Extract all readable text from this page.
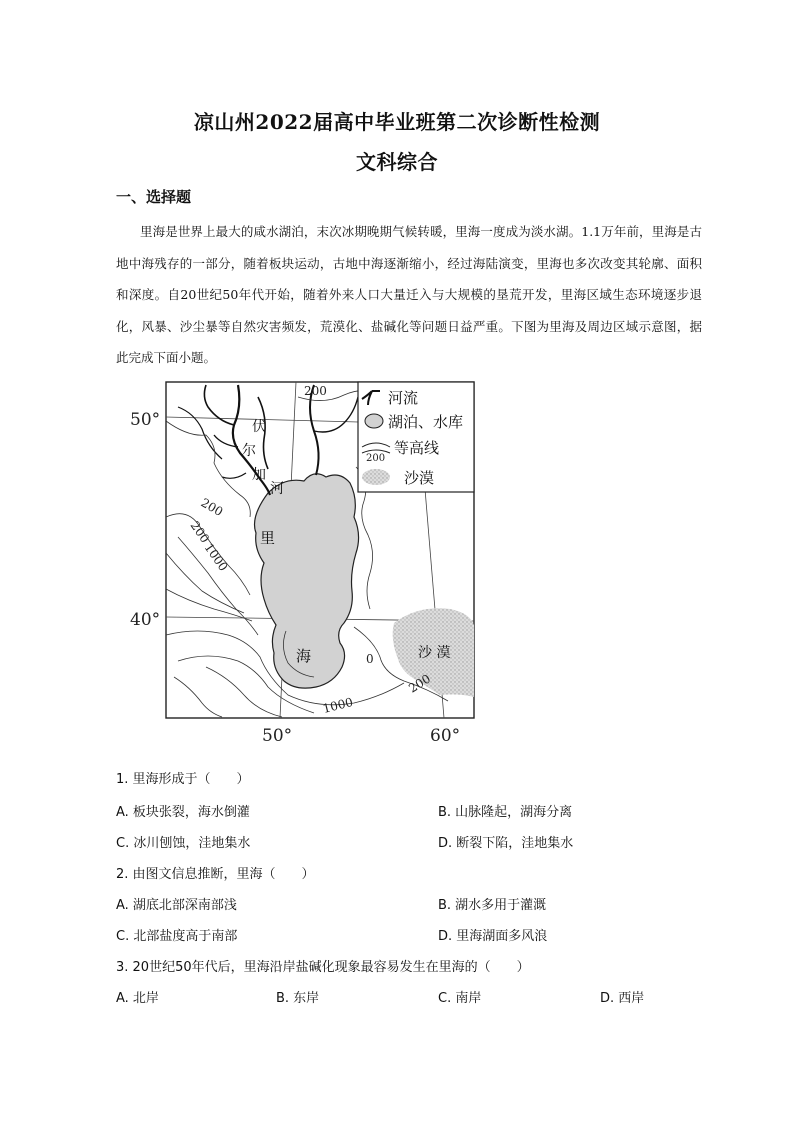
凉山州2022届高中毕业班第二次诊断性检测
文科综合
一、选择题
里海是世界上最大的咸水湖泊，末次冰期晚期气候转暖，里海一度成为淡水湖。1.1万年前，里海是古地中海残存的一部分，随着板块运动，古地中海逐渐缩小，经过海陆演变，里海也多次改变其轮廓、面积和深度。自20世纪50年代开始，随着外来人口大量迁入与大规模的垦荒开发，里海区域生态环境逐步退化，风暴、沙尘暴等自然灾害频发，荒漠化、盐碱化等问题日益严重。下图为里海及周边区域示意图，据此完成下面小题。
200
200
200
200
1000
1000
0
伏
尔
加
河
里
海	沙 漠
50°
40°
50°	60°
河流
湖泊、水库
200
等高线
沙漠
1. 里海形成于（　　）
A. 板块张裂，海水倒灌	B. 山脉隆起，湖海分离
C. 冰川刨蚀，洼地集水	D. 断裂下陷，洼地集水
2. 由图文信息推断，里海（　　）
A. 湖底北部深南部浅	B. 湖水多用于灌溉
C. 北部盐度高于南部	D. 里海湖面多风浪
3. 20世纪50年代后，里海沿岸盐碱化现象最容易发生在里海的（　　）
A. 北岸	B. 东岸	C. 南岸	D. 西岸
